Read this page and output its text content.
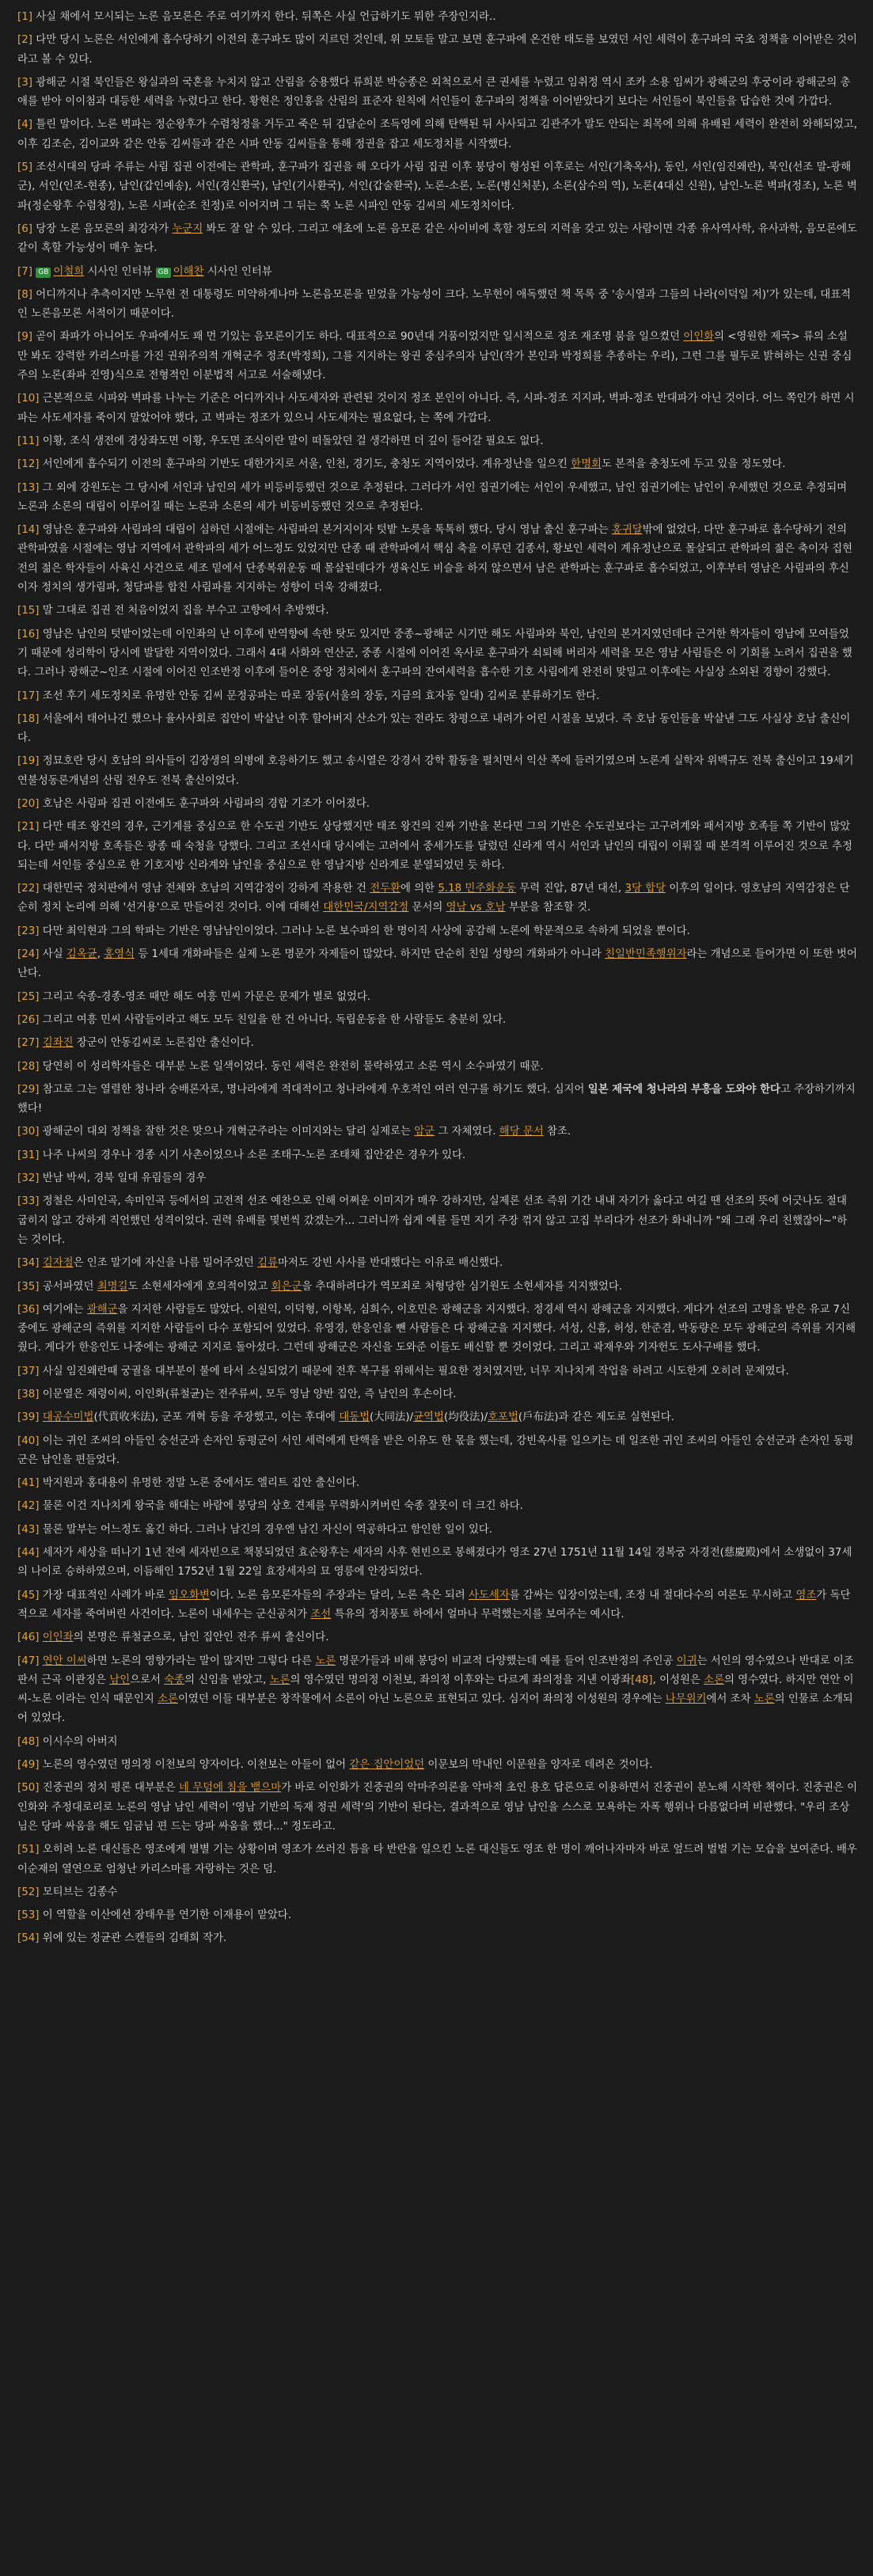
[1] 사실 채에서 모시되는 노론 음모론은 주로 여기까지 한다. 뒤쪽은 사실 언급하기도 뭐한 주장인지라..
[2] 다만 당시 노론은 서인에게 흡수당하기 이전의 훈구파도 많이 지르던 것인데, 위 모토들 말고 보면 훈구파에 온건한 태도를 보였던 서인 세력이 훈구파의 국초 정책을 이어받은 것이라고 볼 수 있다.
[3] 광해군 시절 북인들은 왕실과의 국혼을 누치지 않고 산림을 숭용했다 류희분 박승종은 외척으로서 큰 권세를 누렸고 임취정 역시 조카 소용 임씨가 광해군의 후궁이라 광해군의 총애를 받아 이이첨과 대등한 세력을 누렸다고 한다. 황현은 정인홍을 산림의 표준자 원칙에 서인들이 훈구파의 정책을 이어받았다기 보다는 서인들이 북인들을 답습한 것에 가깝다.
[4] 틀린 말이다. 노론 벽파는 정순왕후가 수렴청정을 거두고 죽은 뒤 김달순이 조득영에 의해 탄핵된 뒤 사사되고 김관주가 말도 안되는 죄목에 의해 유배된 세력이 완전히 와해되었고, 이후 김조순, 김이교와 같은 안동 김씨들과 같은 시파 안동 김씨들을 통해 정권을 잡고 세도정치를 시작했다.
[5] 조선시대의 당파 주류는 사림 집권 이전에는 관학파, 훈구파가 집권을 해 오다가 사림 집권 이후 붕당이 형성된 이후로는 서인(기축옥사), 동인, 서인(임진왜란), 북인(선조 말-광해군), 서인(인조-현종), 남인(갑인예송), 서인(경신환국), 남인(기사환국), 서인(갑술환국), 노론-소론, 노론(병신처분), 소론(삼수의 역), 노론(4대신 신원), 남인-노론 벽파(정조), 노론 벽파(정순왕후 수렴청정), 노론 시파(순조 친정)로 이어지며 그 뒤는 쭉 노론 시파인 안동 김씨의 세도정치이다.
[6] 당장 노론 음모론의 최강자가 누군지 봐도 잘 알 수 있다. 그리고 애초에 노론 음모론 같은 사이비에 혹할 정도의 지력을 갖고 있는 사람이면 각종 유사역사학, 유사과학, 음모론에도 같이 혹할 가능성이 매우 높다.
[7] GB 이철희 시사인 인터뷰 GB 이해찬 시사인 인터뷰
[8] 어디까지나 추측이지만 노무현 전 대통령도 미약하게나마 노론음모론을 믿었을 가능성이 크다. 노무현이 애독했던 책 목록 중 '송시열과 그들의 나라(이덕일 저)'가 있는데, 대표적인 노론음모론 서적이기 때문이다.
[9] 곧이 좌파가 아니어도 우파에서도 꽤 먼 기있는 음모론이기도 하다. 대표적으로 90년대 거품이었지만 일시적으로 정조 재조명 붐을 일으켰던 이인화의 <영원한 제국> 류의 소설만 봐도 강력한 카리스마를 가진 권위주의적 개혁군주 정조(박정희), 그를 지지하는 왕권 중심주의자 남인(작가 본인과 박정희를 추종하는 우리), 그런 그를 필두로 밝혀하는 신권 중심주의 노론(좌파 진영)식으로 전형적인 이분법적 서고로 서술해냈다.
[10] 근본적으로 시파와 벽파를 나누는 기준은 어디까지나 사도세자와 관련된 것이지 정조 본인이 아니다. 즉, 시파-정조 지지파, 벽파-정조 반대파가 아닌 것이다. 어느 쪽인가 하면 시파는 사도세자를 죽이지 말았어야 했다, 고 벽파는 정조가 있으니 사도세자는 필요없다, 는 쪽에 가깝다.
[11] 이황, 조식 생전에 경상좌도면 이황, 우도면 조식이란 말이 떠돌았던 걸 생각하면 더 깊이 들어갈 필요도 없다.
[12] 서인에게 흡수되기 이전의 훈구파의 기반도 대한가지로 서울, 인천, 경기도, 충청도 지역이었다. 계유정난을 일으킨 한명회도 본적을 충청도에 두고 있을 정도였다.
[13] 그 외에 강원도는 그 당시에 서인과 남인의 세가 비등비등했던 것으로 추정된다. 그러다가 서인 집권기에는 서인이 우세했고, 남인 집권기에는 남인이 우세했던 것으로 추정되며 노론과 소론의 대립이 이루어질 때는 노론과 소론의 세가 비등비등했던 것으로 추정된다.
[14] 영남은 훈구파와 사림파의 대립이 심하던 시절에는 사림파의 본거지이자 텃밭 노릇을 톡톡히 했다. 당시 영남 출신 훈구파는 홍귀달밖에 없었다. 다만 훈구파로 흡수당하기 전의 관학파였을 시절에는 영남 지역에서 관학파의 세가 어느정도 있었지만 단종 때 관학파에서 핵심 축을 이루던 김종서, 황보인 세력이 계유정난으로 몰살되고 관학파의 젊은 축이자 집현전의 젊은 학자들이 사육신 사건으로 세조 밑에서 단종복위운동 때 몰살된데다가 생육신도 비슬을 하지 않으면서 남은 관학파는 훈구파로 흡수되었고, 이후부터 영남은 사림파의 후신이자 정치의 생가림파, 청담파를 합친 사림파를 지지하는 성향이 더욱 강해졌다.
[15] 말 그대로 집권 전 처음이었지 집을 부수고 고향에서 추방했다.
[16] 영남은 남인의 텃밭이었는데 이인좌의 난 이후에 반역향에 속한 탓도 있지만 중종~광해군 시기만 해도 사림파와 북인, 남인의 본거지였던데다 근거한 학자들이 영남에 모여들었기 때문에 성리학이 당시에 발달한 지역이었다. 그래서 4대 사화와 연산군, 중종 시절에 이어진 옥사로 훈구파가 쇠퇴해 버리자 세력을 모은 영남 사림들은 이 기회를 노려서 집권을 했다. 그러나 광해군~인조 시절에 이어진 인조반정 이후에 들어온 중앙 정치에서 훈구파의 잔여세력을 흡수한 기호 사림에게 완전히 맞밀고 이후에는 사실상 소외된 경향이 강했다.
[17] 조선 후기 세도정치로 유명한 안동 김씨 문정공파는 따로 장동(서울의 장동, 지금의 효자동 일대) 김씨로 분류하기도 한다.
[18] 서울에서 태어나긴 했으나 율사사회로 집안이 박살난 이후 할아버지 산소가 있는 전라도 창평으로 내려가 어린 시절을 보냈다. 즉 호남 동인들을 박살낸 그도 사실상 호남 출신이다.
[19] 정묘호란 당시 호남의 의사들이 김장생의 의병에 호응하기도 했고 송시열은 강경서 강학 활동을 펼치면서 익산 쪽에 들러기였으며 노론계 실학자 위백규도 전북 출신이고 19세기 연불성동론개념의 산림 전우도 전북 출신이었다.
[20] 호남은 사림파 집권 이전에도 훈구파와 사림파의 경합 기조가 이어졌다.
[21] 다만 태조 왕건의 경우, 근기계를 중심으로 한 수도권 기반도 상당했지만 태조 왕건의 진짜 기반을 본다면 그의 기반은 수도권보다는 고구려계와 패서지방 호족들 쪽 기반이 많았다. 다만 패서지방 호족들은 광종 때 숙청을 당했다. 그리고 조선시대 당시에는 고려에서 중세가도를 달렸던 신라계 역시 서인과 남인의 대립이 이뤄질 때 본격적 이루어진 것으로 추정되는데 서인들 중심으로 한 기호지방 신라계와 남인을 중심으로 한 영남지방 신라계로 분열되었던 듯 하다.
[22] 대한민국 정치판에서 영남 전체와 호남의 지역감정이 강하게 작용한 건 전두환에 의한 5.18 민주화운동 무력 진압, 87년 대선, 3당 합당 이후의 일이다. 영호남의 지역감정은 단순히 정치 논리에 의해 '선거용'으로 만들어진 것이다. 이에 대해선 대한민국/지역감정 문서의 영남 vs 호남 부분을 참조할 것.
[23] 다만 최익현과 그의 학파는 기반은 영남남인이었다. 그러나 노론 보수파의 한 명이직 사상에 공감해 노론에 학문적으로 속하게 되었을 뿐이다.
[24] 사실 김옥균, 홍영식 등 1세대 개화파들은 실제 노론 명문가 자제들이 많았다. 하지만 단순히 친일 성향의 개화파가 아니라 친일반민족행위자라는 개념으로 들어가면 이 또한 벗어난다.
[25] 그리고 숙종-경종-영조 때만 해도 여흥 민씨 가문은 문제가 별로 없었다.
[26] 그리고 여흥 민씨 사람들이라고 해도 모두 친일을 한 건 아니다. 독립운동을 한 사람들도 충분히 있다.
[27] 김좌진 장군이 안동김씨로 노론집안 출신이다.
[28] 당연히 이 성리학자들은 대부분 노론 일색이었다. 동인 세력은 완전히 물락하였고 소론 역시 소수파였기 때문.
[29] 참고로 그는 열렬한 청나라 숭배론자로, 명나라에게 적대적이고 청나라에게 우호적인 여러 연구를 하기도 했다. 심지어 일본 제국에 청나라의 부흥을 도와야 한다고 주장하기까지 했다!
[30] 광해군이 대외 정책을 잘한 것은 맞으나 개혁군주라는 이미지와는 달리 실제로는 암군 그 자체였다. 해당 문서 참조.
[31] 나주 나씨의 경우나 경종 시기 사촌이었으나 소론 조태구-노론 조태채 집안같은 경우가 있다.
[32] 반남 박씨, 경북 일대 유림들의 경우
[33] 정철은 사미인곡, 속미인곡 등에서의 고전적 선조 예찬으로 인해 어쩌운 이미지가 매우 강하지만, 실제론 선조 즉위 기간 내내 자기가 옳다고 여길 땐 선조의 뜻에 어긋나도 절대 굽히지 않고 강하게 직언했던 성격이었다. 권력 유배를 몇번씩 갔겠는가... 그러니까 쉽게 예를 들면 지기 주장 꺾지 않고 고집 부리다가 선조가 화내니까 "왜 그래 우리 친했잖아~"하는 것이다.
[34] 김자점은 인조 말기에 자신을 나름 밀어주었던 김류마저도 강빈 사사를 반대했다는 이유로 배신했다.
[35] 공서파였던 최명길도 소현세자에게 호의적이었고 회은군을 추대하려다가 역모죄로 처형당한 심기원도 소현세자를 지지했었다.
[36] 여기에는 광해군을 지지한 사람들도 많았다. 이원익, 이덕형, 이항복, 심희수, 이호민은 광해군을 지지했다. 정경세 역시 광해군을 지지했다. 게다가 선조의 고명을 받은 유교 7신 중에도 광해군의 즉위를 지지한 사람들이 다수 포함되어 있었다. 유영경, 한응인을 뺀 사람들은 다 광해군을 지지했다. 서성, 신흠, 허성, 한준겸, 박동량은 모두 광해군의 즉위를 지지해 줬다. 게다가 한응인도 나중에는 광해군 지지로 돌아섰다. 그런데 광해군은 자신을 도와준 이들도 배신할 뿐 것이었다. 그리고 곽재우와 기자헌도 도사구배를 했다.
[37] 사실 임진왜란때 궁궐을 대부분이 불에 타서 소실되었기 때문에 전후 복구를 위해서는 필요한 정치였지만, 너무 지나치게 작업을 하려고 시도한게 오히려 문제였다.
[38] 이문열은 재령이씨, 이인화(류철균)는 전주류씨, 모두 영남 양반 집안, 즉 남인의 후손이다.
[39] 대공수미법(代貢收米法), 군포 개혁 등을 주장했고, 이는 후대에 대동법(大同法)/균역법(均役法)/호포법(戶布法)과 같은 제도로 실현된다.
[40] 이는 귀인 조씨의 아들인 숭선군과 손자인 동평군이 서인 세력에게 탄핵을 받은 이유도 한 몫을 했는데, 강빈옥사를 일으키는 데 일조한 귀인 조씨의 아들인 숭선군과 손자인 동평군은 남인을 편들었다.
[41] 박지원과 홍대용이 유명한 정말 노론 중에서도 엘리트 집안 출신이다.
[42] 물론 이건 지나치게 왕국을 해대는 바람에 붕당의 상호 견제를 무력화시켜버린 숙종 잘못이 더 크긴 하다.
[43] 물론 말부는 어느정도 옳긴 하다. 그러나 남긴의 경우엔 남긴 자신이 역공하다고 함인한 일이 있다.
[44] 세자가 세상을 떠나기 1년 전에 세자빈으로 책봉되었던 효순왕후는 세자의 사후 현빈으로 봉해졌다가 영조 27년 1751년 11월 14일 경복궁 자경전(慈慶殿)에서 소생없이 37세의 나이로 승하하였으며, 이듬해인 1752년 1월 22일 효장세자의 묘 영릉에 안장되었다.
[45] 가장 대표적인 사례가 바로 임오화변이다. 노론 음모론자들의 주장과는 달리, 노론 측은 되려 사도세자를 감싸는 입장이었는데, 조정 내 절대다수의 여론도 무시하고 영조가 독단적으로 세자를 죽여버린 사건이다. 노론이 내세우는 군신공치가 조선 특유의 정치풍토 하에서 얼마나 무력했는지를 보여주는 예시다.
[46] 이인좌의 본명은 류철균으로, 남인 집안인 전주 류씨 출신이다.
[47] 연안 이씨하면 노론의 영향가라는 말이 많지만 그렇다 다른 노론 명문가들과 비해 봉당이 비교적 다양했는데 예를 들어 인조반정의 주인공 이귀는 서인의 영수였으나 반대로 이조판서 근곡 이관징은 남인으로서 숙종의 신임을 받았고, 노론의 영수였던 명의정 이천보, 좌의정 이후와는 다르게 좌의정을 지낸 이광좌[48], 이성원은 소론의 영수였다. 하지만 연안 이씨-노론 이라는 인식 때문인지 소론이였던 이들 대부분은 창작물에서 소론이 아닌 노론으로 표현되고 있다. 심지어 좌의정 이성원의 경우에는 나무위키에서 조차 노론의 인물로 소개되어 있었다.
[48] 이시수의 아버지
[49] 노론의 영수였던 명의정 이천보의 양자이다. 이천보는 아들이 없어 같은 집안이었던 이문보의 막내인 이문원을 양자로 데려온 것이다.
[50] 진중권의 정치 평론 대부분은 네 무덤에 침을 뱉으마가 바로 이인화가 진중권의 악마주의론을 악마적 초인 용호 답론으로 이용하면서 진중권이 분노해 시작한 책이다. 진중권은 이인화와 주정대로리로 노론의 영남 남인 세력이 '영남 기반의 독재 정권 세력'의 기반이 된다는, 결과적으로 영남 남인을 스스로 모욕하는 자폭 행위나 다름없다며 비판했다. "우리 조상님은 당파 싸움을 해도 임금님 편 드는 당파 싸움을 했다..." 정도라고.
[51] 오히려 노론 대신들은 영조에게 별별 기는 상황이며 영조가 쓰러진 틈을 타 반란을 일으킨 노론 대신들도 영조 한 명이 깨어나자마자 바로 엎드려 벌벌 기는 모습을 보여준다. 배우 이순재의 열연으로 엄청난 카리스마를 자랑하는 것은 덤.
[52] 모티브는 김종수
[53] 이 역할을 이산에선 장태우를 연기한 이재용이 맡았다.
[54] 위에 있는 정균관 스캔들의 김태희 작가.
